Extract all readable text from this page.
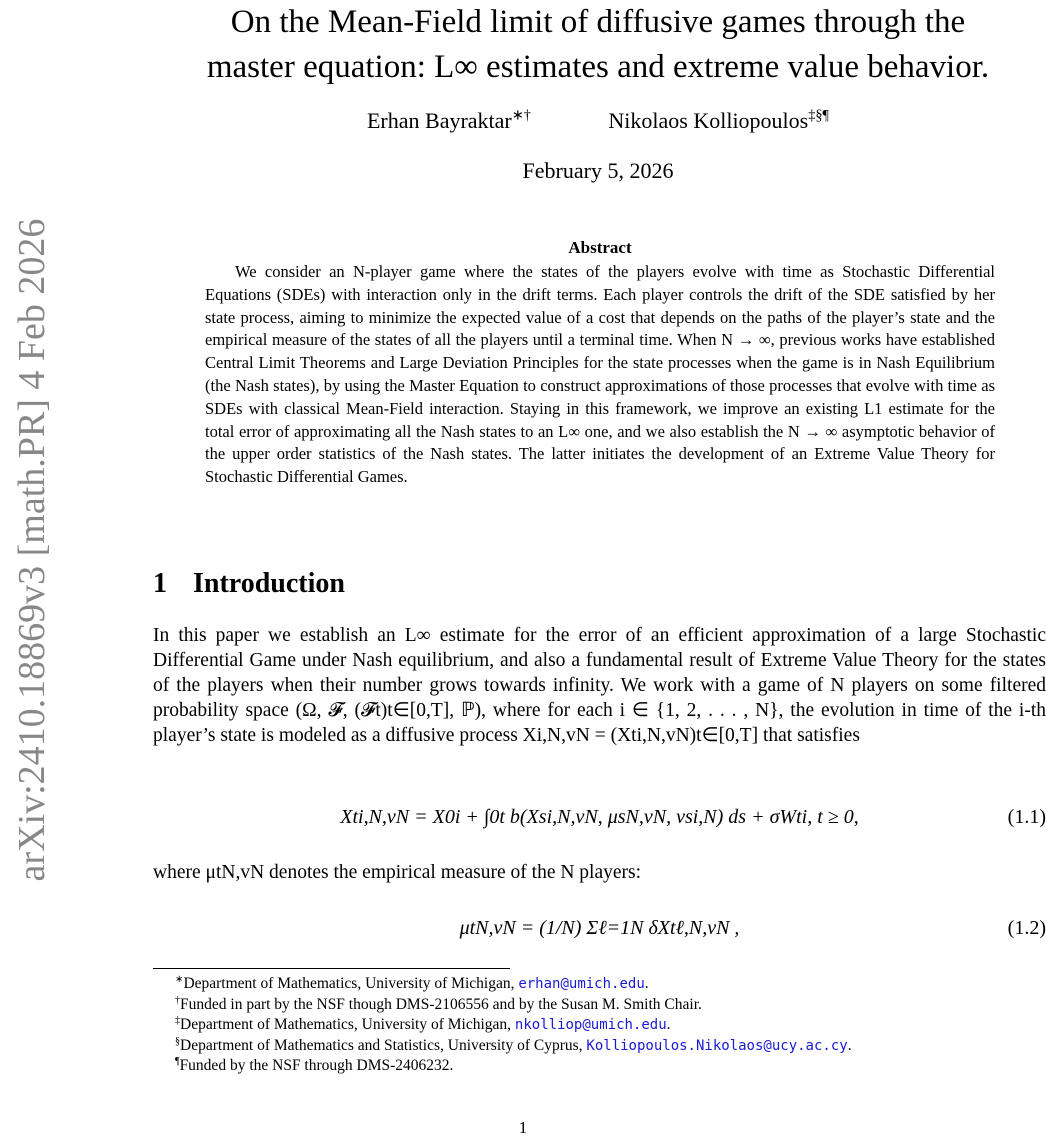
arXiv:2410.18869v3 [math.PR] 4 Feb 2026
On the Mean-Field limit of diffusive games through the
master equation: L∞ estimates and extreme value behavior.
Erhan Bayraktar∗†	Nikolaos Kolliopoulos‡§¶
February 5, 2026
Abstract
We consider an N-player game where the states of the players evolve with time as Stochastic Differential Equations (SDEs) with interaction only in the drift terms. Each player controls the drift of the SDE satisfied by her state process, aiming to minimize the expected value of a cost that depends on the paths of the player’s state and the empirical measure of the states of all the players until a terminal time. When N → ∞, previous works have established Central Limit Theorems and Large Deviation Principles for the state processes when the game is in Nash Equilibrium (the Nash states), by using the Master Equation to construct approximations of those processes that evolve with time as SDEs with classical Mean-Field interaction. Staying in this framework, we improve an existing L1 estimate for the total error of approximating all the Nash states to an L∞ one, and we also establish the N → ∞ asymptotic behavior of the upper order statistics of the Nash states. The latter initiates the development of an Extreme Value Theory for Stochastic Differential Games.
1 Introduction
In this paper we establish an L∞ estimate for the error of an efficient approximation of a large Stochastic Differential Game under Nash equilibrium, and also a fundamental result of Extreme Value Theory for the states of the players when their number grows towards infinity. We work with a game of N players on some filtered probability space (Ω, 𝓕, (𝓕t)t∈[0,T], ℙ), where for each i ∈ {1, 2, . . . , N}, the evolution in time of the i-th player’s state is modeled as a diffusive process Xi,N,vN = (Xti,N,vN)t∈[0,T] that satisfies
Xti,N,vN = X0i + ∫0t b(Xsi,N,vN, μsN,vN, vsi,N) ds + σWti, t ≥ 0,	(1.1)
where μtN,vN denotes the empirical measure of the N players:
μtN,vN = (1/N) Σℓ=1N δXtℓ,N,vN ,	(1.2)
∗Department of Mathematics, University of Michigan, erhan@umich.edu.
†Funded in part by the NSF though DMS-2106556 and by the Susan M. Smith Chair.
‡Department of Mathematics, University of Michigan, nkolliop@umich.edu.
§Department of Mathematics and Statistics, University of Cyprus, Kolliopoulos.Nikolaos@ucy.ac.cy.
¶Funded by the NSF through DMS-2406232.
1
